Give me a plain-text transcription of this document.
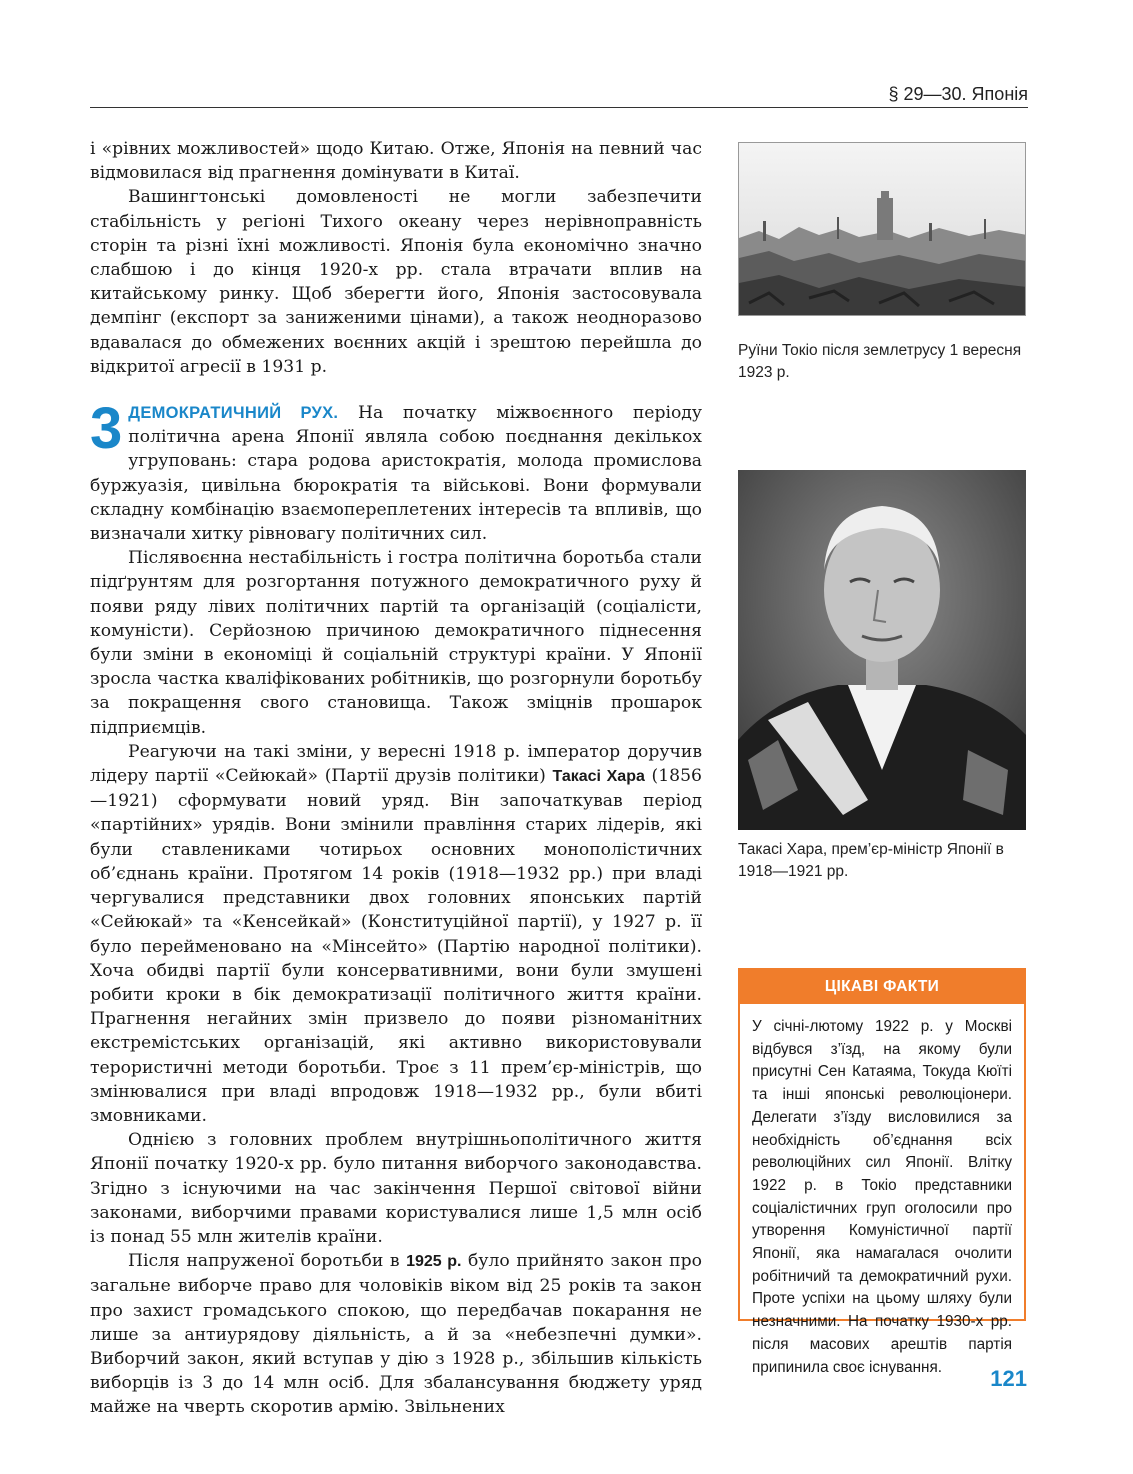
§ 29—30. Японія

і «рівних можливостей» щодо Китаю. Отже, Японія на певний час відмовилася від прагнення домінувати в Китаї.

Вашингтонські домовленості не могли забезпечити стабільність у регіоні Тихого океану через нерівноправність сторін та різні їхні можливості. Японія була економічно значно слабшою і до кінця 1920-х рр. стала втрачати вплив на китайському ринку. Щоб зберегти його, Японія застосовувала демпінг (експорт за заниженими цінами), а також неодноразово вдавалася до обмежених воєнних акцій і зрештою перейшла до відкритої агресії в 1931 р.

3 ДЕМОКРАТИЧНИЙ РУХ. На початку міжвоєнного періоду політична арена Японії являла собою поєднання декількох угруповань: стара родова аристократія, молода промислова буржуазія, цивільна бюрократія та військові. Вони формували складну комбінацію взаємопереплетених інтересів та впливів, що визначали хитку рівновагу політичних сил.

Післявоєнна нестабільність і гостра політична боротьба стали підґрунтям для розгортання потужного демократичного руху й появи ряду лівих політичних партій та організацій (соціалісти, комуністи). Серйозною причиною демократичного піднесення були зміни в економіці й соціальній структурі країни. У Японії зросла частка кваліфікованих робітників, що розгорнули боротьбу за покращення свого становища. Також зміцнів прошарок підприємців.

Реагуючи на такі зміни, у вересні 1918 р. імператор доручив лідеру партії «Сейюкай» (Партії друзів політики) Такасі Хара (1856—1921) сформувати новий уряд. Він започаткував період «партійних» урядів. Вони змінили правління старих лідерів, які були ставлениками чотирьох основних монополістичних об’єднань країни. Протягом 14 років (1918—1932 рр.) при владі чергувалися представники двох головних японських партій «Сейюкай» та «Кенсейкай» (Конституційної партії), у 1927 р. її було перейменовано на «Мінсейто» (Партію народної політики). Хоча обидві партії були консервативними, вони були змушені робити кроки в бік демократизації політичного життя країни. Прагнення негайних змін призвело до появи різноманітних екстремістських організацій, які активно використовували терористичні методи боротьби. Троє з 11 прем’єр-міністрів, що змінювалися при владі впродовж 1918—1932 рр., були вбиті змовниками.

Однією з головних проблем внутрішньополітичного життя Японії початку 1920-х рр. було питання виборчого законодавства. Згідно з існуючими на час закінчення Першої світової війни законами, виборчими правами користувалися лише 1,5 млн осіб із понад 55 млн жителів країни.

Після напруженої боротьби в 1925 р. було прийнято закон про загальне виборче право для чоловіків віком від 25 років та закон про захист громадського спокою, що передбачав покарання не лише за антиурядову діяльність, а й за «небезпечні думки». Виборчий закон, який вступав у дію з 1928 р., збільшив кількість виборців із 3 до 14 млн осіб. Для збалансування бюджету уряд майже на чверть скоротив армію. Звільнених

Руїни Токіо після землетрусу 1 вересня 1923 р.
Такасі Хара, прем’єр-міністр Японії в 1918—1921 рр.
ЦІКАВІ ФАКТИ
У січні-лютому 1922 р. у Москві відбувся з’їзд, на якому були присутні Сен Катаяма, Токуда Кюїті та інші японські революціонери. Делегати з’їзду висловилися за необхідність об’єднання всіх революційних сил Японії. Влітку 1922 р. в Токіо представники соціалістичних груп оголосили про утворення Комуністичної партії Японії, яка намагалася очолити робітничий та демократичний рухи. Проте успіхи на цьому шляху були незначними. На початку 1930-х рр. після масових арештів партія припинила своє існування.	121
